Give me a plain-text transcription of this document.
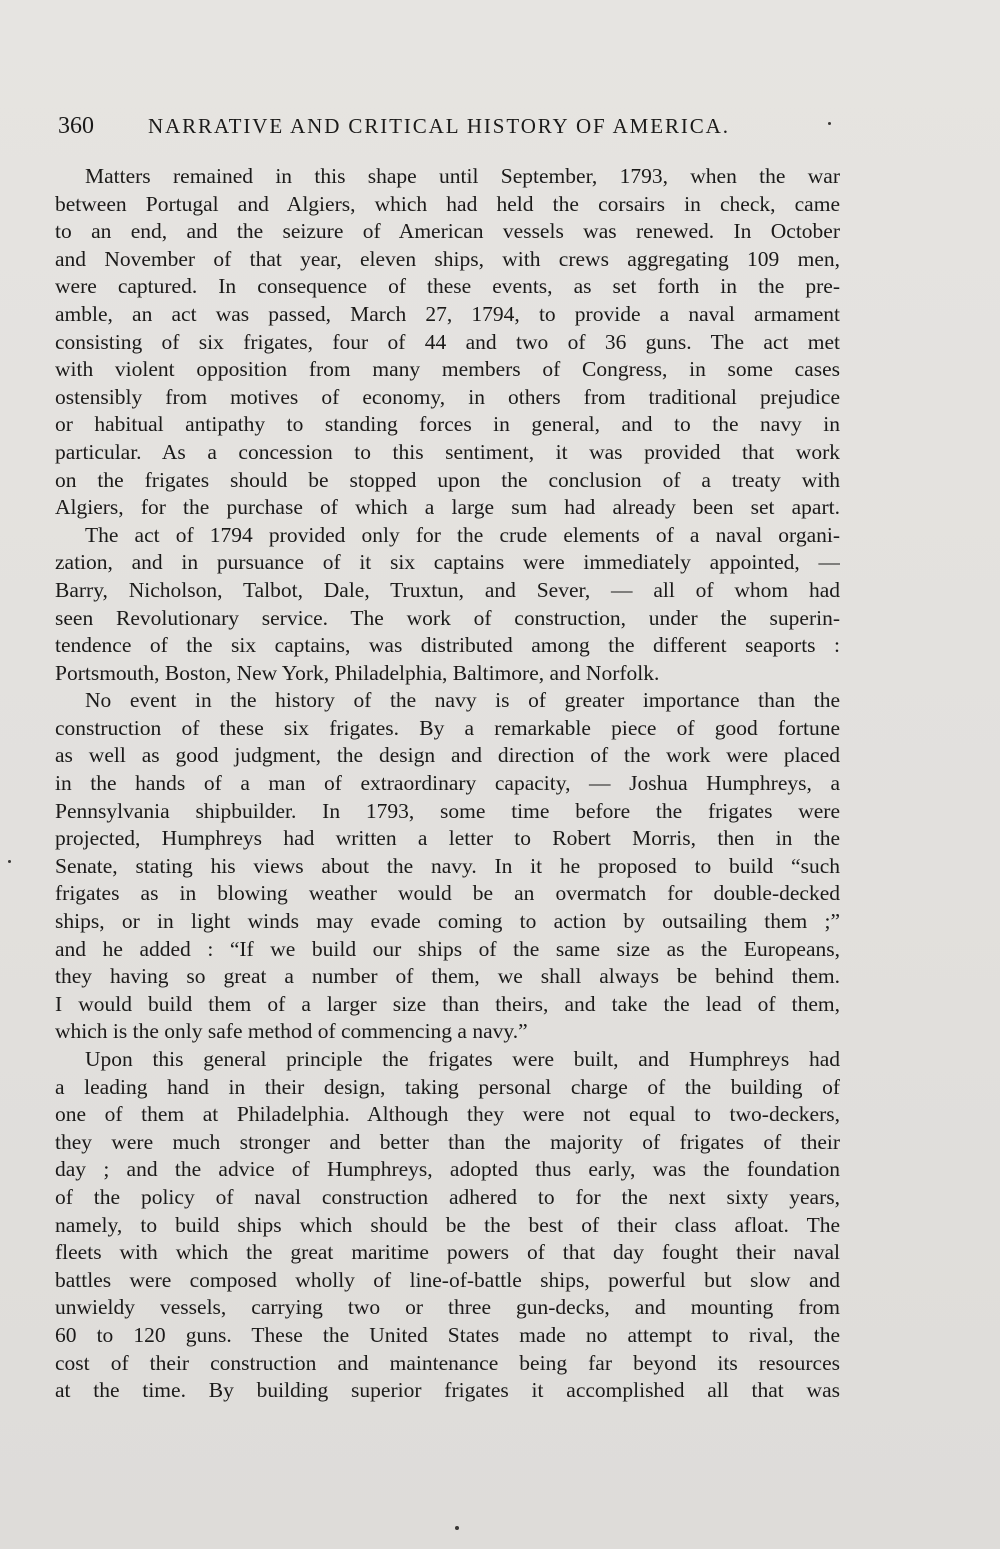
360	NARRATIVE AND CRITICAL HISTORY OF AMERICA.
Matters remained in this shape until September, 1793, when the war
between Portugal and Algiers, which had held the corsairs in check, came
to an end, and the seizure of American vessels was renewed. In October
and November of that year, eleven ships, with crews aggregating 109 men,
were captured. In consequence of these events, as set forth in the pre-
amble, an act was passed, March 27, 1794, to provide a naval armament
consisting of six frigates, four of 44 and two of 36 guns. The act met
with violent opposition from many members of Congress, in some cases
ostensibly from motives of economy, in others from traditional prejudice
or habitual antipathy to standing forces in general, and to the navy in
particular. As a concession to this sentiment, it was provided that work
on the frigates should be stopped upon the conclusion of a treaty with
Algiers, for the purchase of which a large sum had already been set apart.
The act of 1794 provided only for the crude elements of a naval organi-
zation, and in pursuance of it six captains were immediately appointed, —
Barry, Nicholson, Talbot, Dale, Truxtun, and Sever, — all of whom had
seen Revolutionary service. The work of construction, under the superin-
tendence of the six captains, was distributed among the different seaports :
Portsmouth, Boston, New York, Philadelphia, Baltimore, and Norfolk.
No event in the history of the navy is of greater importance than the
construction of these six frigates. By a remarkable piece of good fortune
as well as good judgment, the design and direction of the work were placed
in the hands of a man of extraordinary capacity, — Joshua Humphreys, a
Pennsylvania shipbuilder. In 1793, some time before the frigates were
projected, Humphreys had written a letter to Robert Morris, then in the
Senate, stating his views about the navy. In it he proposed to build “such
frigates as in blowing weather would be an overmatch for double-decked
ships, or in light winds may evade coming to action by outsailing them ;”
and he added : “If we build our ships of the same size as the Europeans,
they having so great a number of them, we shall always be behind them.
I would build them of a larger size than theirs, and take the lead of them,
which is the only safe method of commencing a navy.”
Upon this general principle the frigates were built, and Humphreys had
a leading hand in their design, taking personal charge of the building of
one of them at Philadelphia. Although they were not equal to two-deckers,
they were much stronger and better than the majority of frigates of their
day ; and the advice of Humphreys, adopted thus early, was the foundation
of the policy of naval construction adhered to for the next sixty years,
namely, to build ships which should be the best of their class afloat. The
fleets with which the great maritime powers of that day fought their naval
battles were composed wholly of line-of-battle ships, powerful but slow and
unwieldy vessels, carrying two or three gun-decks, and mounting from
60 to 120 guns. These the United States made no attempt to rival, the
cost of their construction and maintenance being far beyond its resources
at the time. By building superior frigates it accomplished all that was
